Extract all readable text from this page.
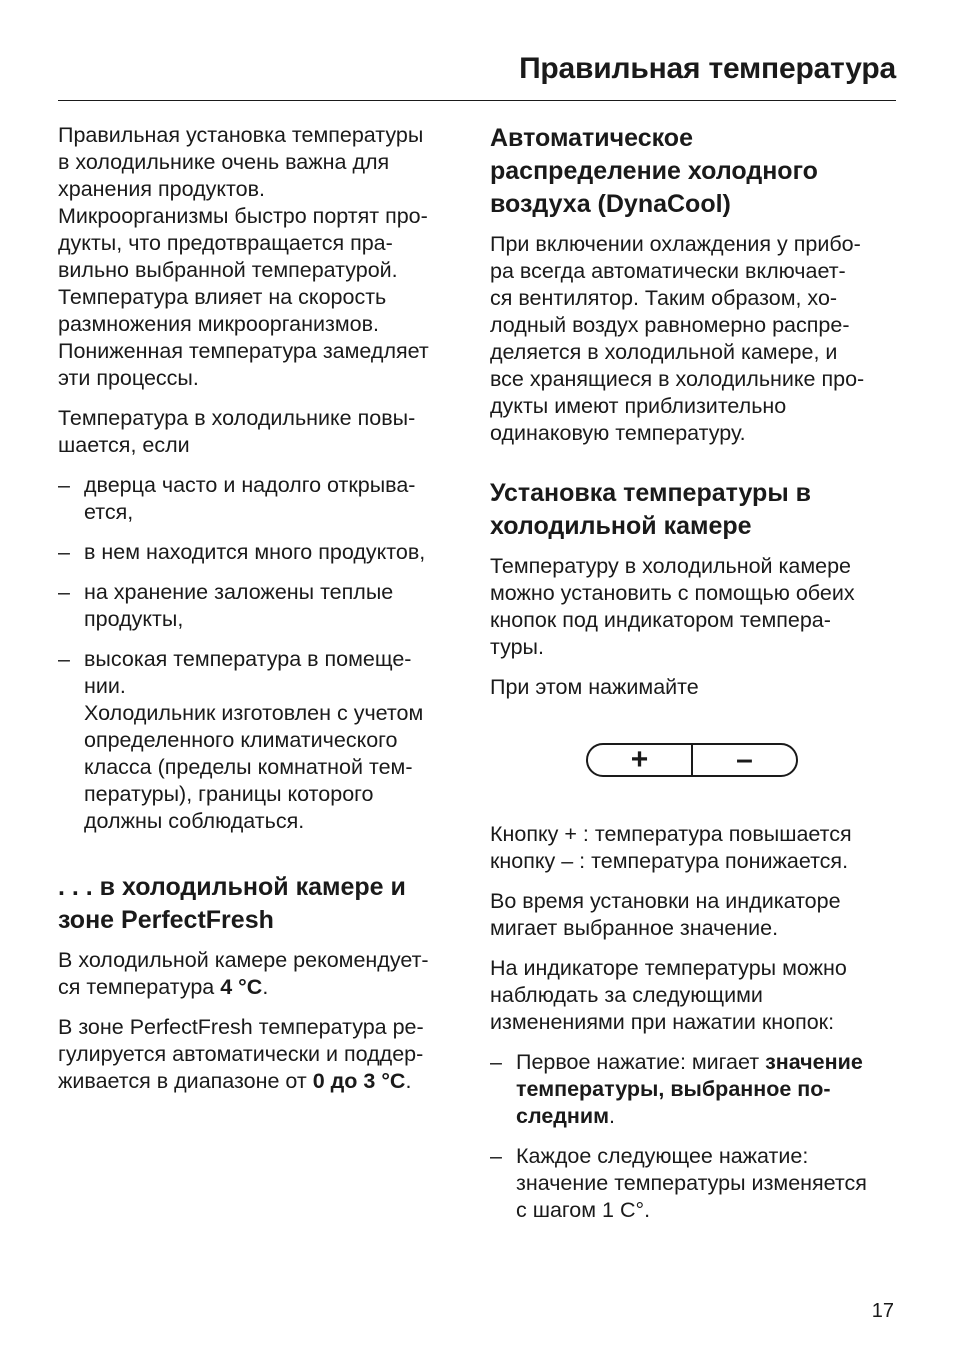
Правильная температура

Правильная установка температуры
в холодильнике очень важна для
хранения продуктов.
Микроорганизмы быстро портят про-
дукты, что предотвращается пра-
вильно выбранной температурой.
Температура влияет на скорость
размножения микроорганизмов.
Пониженная температура замедляет
эти процессы.

Температура в холодильнике повы-
шается, если

– дверца часто и надолго открыва-
ется,
– в нем находится много продуктов,
– на хранение заложены теплые
продукты,
– высокая температура в помеще-
нии.
Холодильник изготовлен с учетом
определенного климатического
класса (пределы комнатной тем-
пературы), границы которого
должны соблюдаться.
. . . в холодильной камере и
зоне PerfectFresh

В холодильной камере рекомендует-
ся температура 4 °C.

В зоне PerfectFresh температура ре-
гулируется автоматически и поддер-
живается в диапазоне от 0 до 3 °C.

Автоматическое
распределение холодного
воздуха (DynaCool)

При включении охлаждения у прибо-
ра всегда автоматически включает-
ся вентилятор. Таким образом, хо-
лодный воздух равномерно распре-
деляется в холодильной камере, и
все хранящиеся в холодильнике про-
дукты имеют приблизительно
одинаковую температуру.

Установка температуры в
холодильной камере

Температуру в холодильной камере
можно установить с помощью обеих
кнопок под индикатором темпера-
туры.

При этом нажимайте

+	–

Кнопку + : температура повышается
кнопку – : температура понижается.

Во время установки на индикаторе
мигает выбранное значение.

На индикаторе температуры можно
наблюдать за следующими
изменениями при нажатии кнопок:

– Первое нажатие: мигает значение
температуры, выбранное по-
следним.
– Каждое следующее нажатие:
значение температуры изменяется
с шагом 1 C°.
17
